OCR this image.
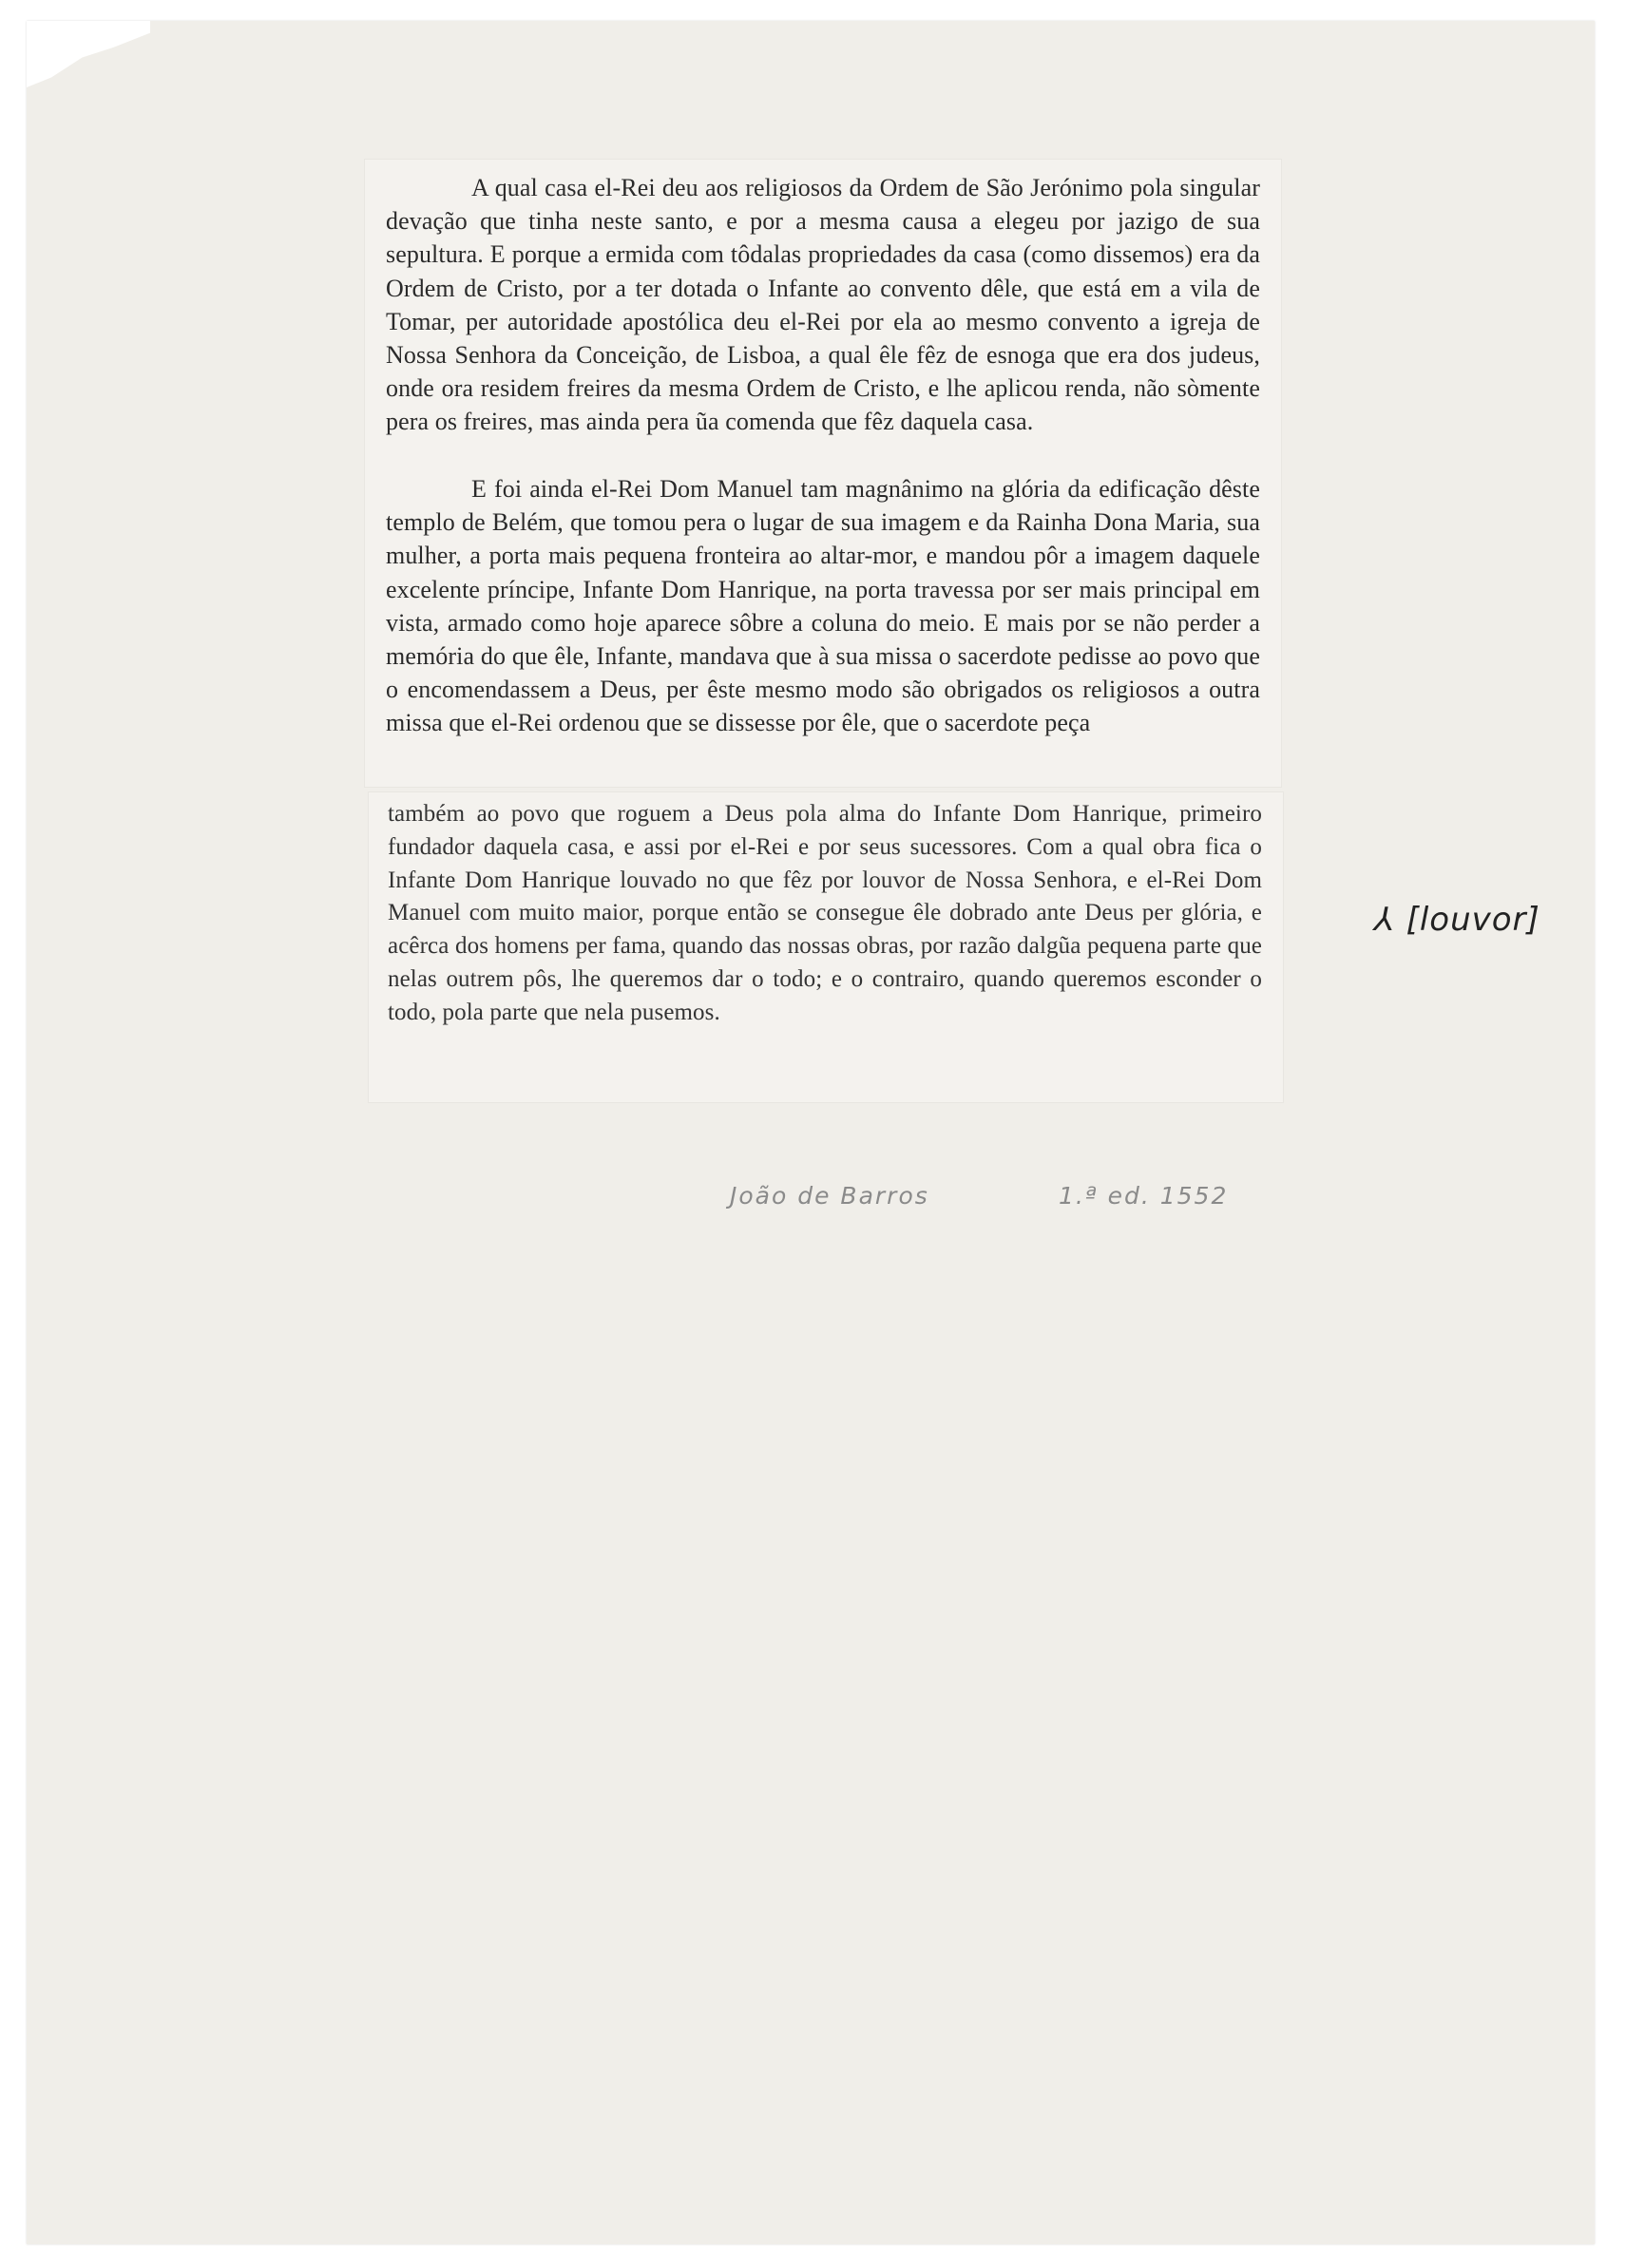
A qual casa el-Rei deu aos religiosos da Ordem de São Jerónimo pola singular devação que tinha neste santo, e por a mesma causa a elegeu por jazigo de sua sepultura. E porque a ermida com tôdalas propriedades da casa (como dissemos) era da Ordem de Cristo, por a ter dotada o Infante ao convento dêle, que está em a vila de Tomar, per autoridade apostólica deu el-Rei por ela ao mesmo convento a igreja de Nossa Senhora da Conceição, de Lisboa, a qual êle fêz de esnoga que era dos judeus, onde ora residem freires da mesma Ordem de Cristo, e lhe aplicou renda, não sòmente pera os freires, mas ainda pera ũa comenda que fêz daquela casa.

E foi ainda el-Rei Dom Manuel tam magnânimo na glória da edificação dêste templo de Belém, que tomou pera o lugar de sua imagem e da Rainha Dona Maria, sua mulher, a porta mais pequena fronteira ao altar-mor, e mandou pôr a imagem daquele excelente príncipe, Infante Dom Hanrique, na porta travessa por ser mais principal em vista, armado como hoje aparece sôbre a coluna do meio. E mais por se não perder a memória do que êle, Infante, mandava que à sua missa o sacerdote pedisse ao povo que o encomendassem a Deus, per êste mesmo modo são obrigados os religiosos a outra missa que el-Rei ordenou que se dissesse por êle, que o sacerdote peça

também ao povo que roguem a Deus pola alma do Infante Dom Hanrique, primeiro fundador daquela casa, e assi por el-Rei e por seus sucessores. Com a qual obra fica o Infante Dom Hanrique louvado no que fêz por louvor de Nossa Senhora, e el-Rei Dom Manuel com muito maior, porque então se consegue êle dobrado ante Deus per glória, e acêrca dos homens per fama, quando das nossas obras, por razão dalgũa pequena parte que nelas outrem pôs, lhe queremos dar o todo; e o contrairo, quando queremos esconder o todo, pola parte que nela pusemos.

⅄ [louvor]
João de Barros	1.ª ed. 1552
